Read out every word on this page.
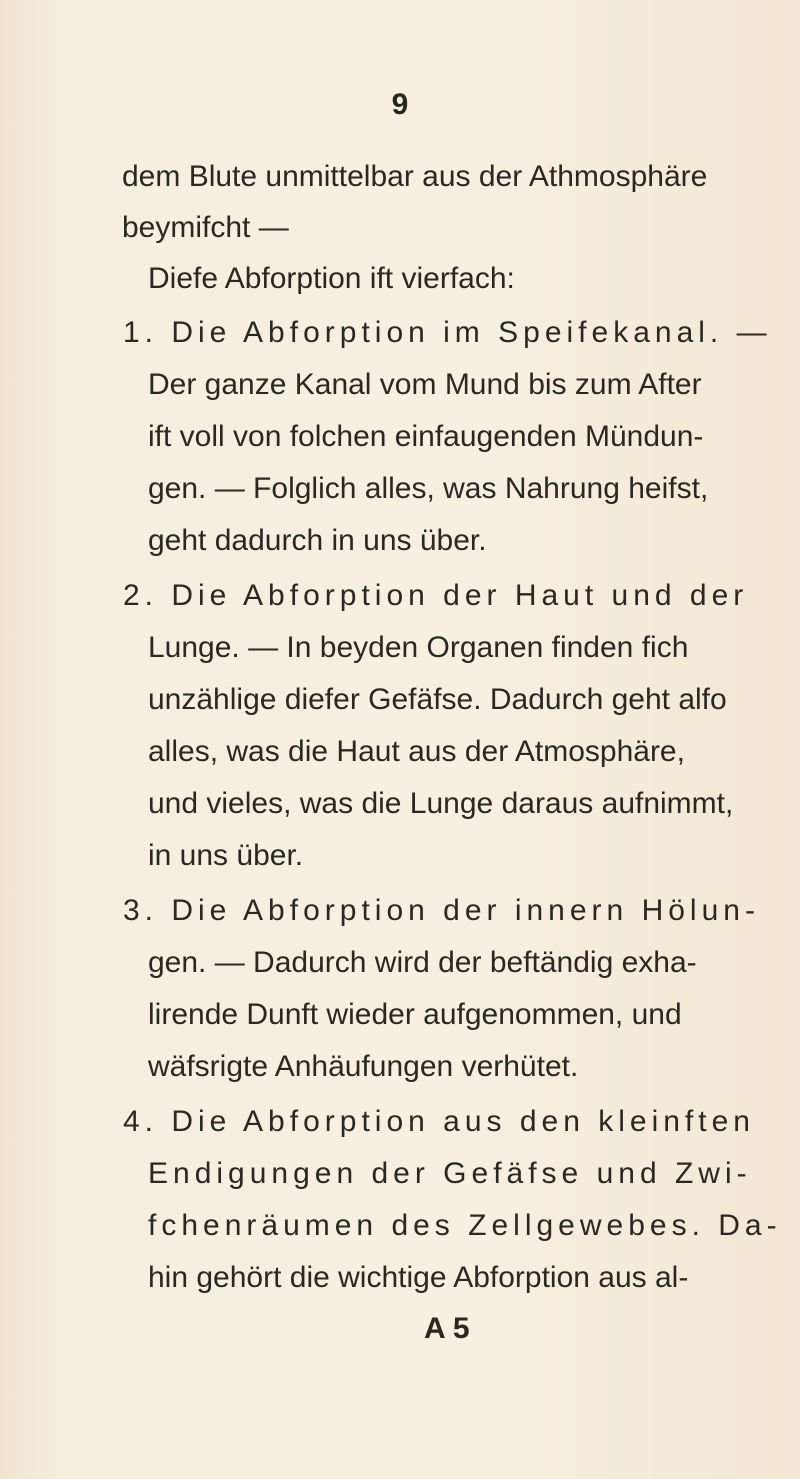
9
dem Blute unmittelbar aus der Athmosphäre
beymifcht —
Diefe Abforption ift vierfach:
1. Die Abforption im Speifekanal. —
Der ganze Kanal vom Mund bis zum After
ift voll von folchen einfaugenden Mündun-
gen. — Folglich alles, was Nahrung heifst,
geht dadurch in uns über.
2. Die Abforption der Haut und der
Lunge. — In beyden Organen finden fich
unzählige diefer Gefäfse. Dadurch geht alfo
alles, was die Haut aus der Atmosphäre,
und vieles, was die Lunge daraus aufnimmt,
in uns über.
3. Die Abforption der innern Hölun-
gen. — Dadurch wird der beftändig exha-
lirende Dunft wieder aufgenommen, und
wäfsrigte Anhäufungen verhütet.
4. Die Abforption aus den kleinften
Endigungen der Gefäfse und Zwi-
fchenräumen des Zellgewebes. Da-
hin gehört die wichtige Abforption aus al-
A 5
